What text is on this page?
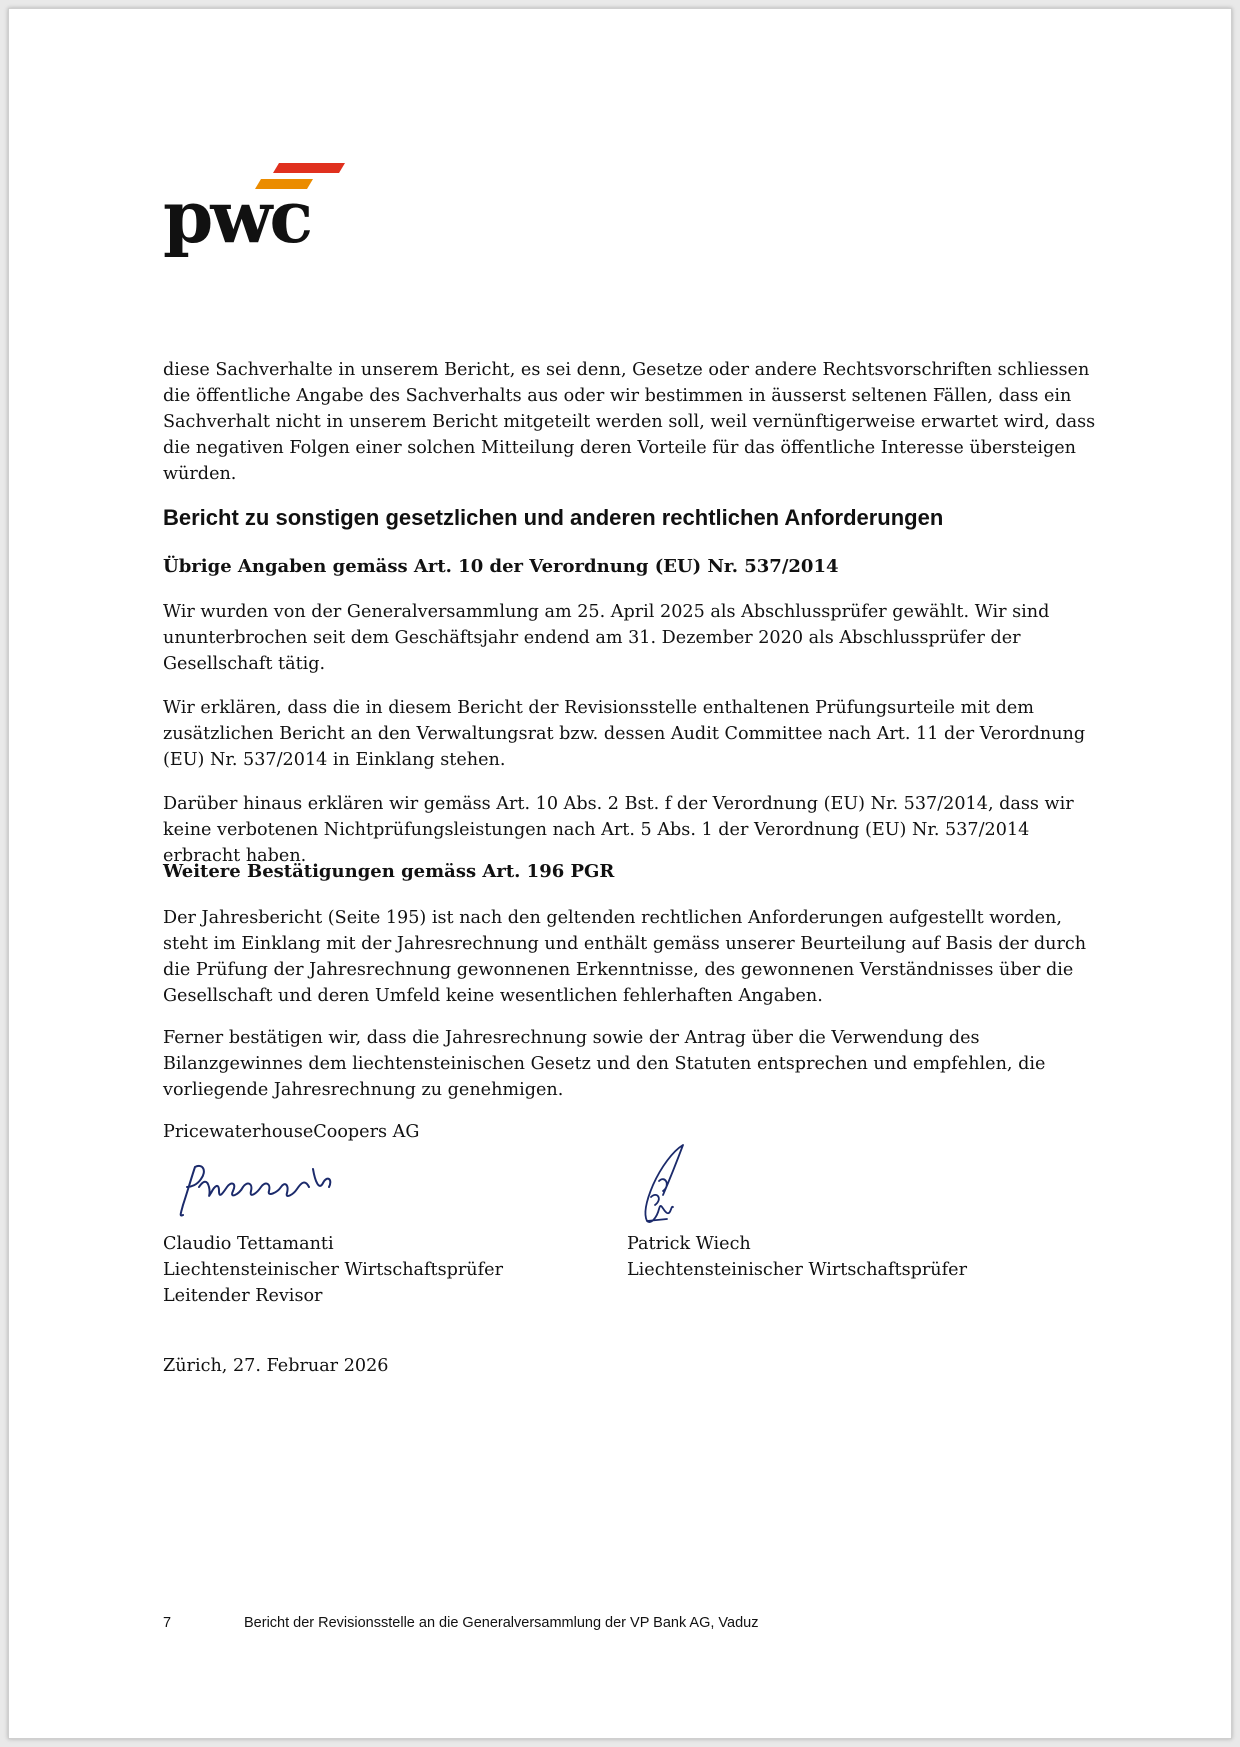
pwc

diese Sachverhalte in unserem Bericht, es sei denn, Gesetze oder andere Rechtsvorschriften schliessen die öffentliche Angabe des Sachverhalts aus oder wir bestimmen in äusserst seltenen Fällen, dass ein Sachverhalt nicht in unserem Bericht mitgeteilt werden soll, weil vernünftigerweise erwartet wird, dass die negativen Folgen einer solchen Mitteilung deren Vorteile für das öffentliche Interesse übersteigen würden.

Bericht zu sonstigen gesetzlichen und anderen rechtlichen Anforderungen
Übrige Angaben gemäss Art. 10 der Verordnung (EU) Nr. 537/2014

Wir wurden von der Generalversammlung am 25. April 2025 als Abschlussprüfer gewählt. Wir sind ununterbrochen seit dem Geschäftsjahr endend am 31. Dezember 2020 als Abschlussprüfer der Gesellschaft tätig.

Wir erklären, dass die in diesem Bericht der Revisionsstelle enthaltenen Prüfungsurteile mit dem zusätzlichen Bericht an den Verwaltungsrat bzw. dessen Audit Committee nach Art. 11 der Verordnung (EU) Nr. 537/2014 in Einklang stehen.

Darüber hinaus erklären wir gemäss Art. 10 Abs. 2 Bst. f der Verordnung (EU) Nr. 537/2014, dass wir keine verbotenen Nichtprüfungsleistungen nach Art. 5 Abs. 1 der Verordnung (EU) Nr. 537/2014 erbracht haben.

Weitere Bestätigungen gemäss Art. 196 PGR

Der Jahresbericht (Seite 195) ist nach den geltenden rechtlichen Anforderungen aufgestellt worden, steht im Einklang mit der Jahresrechnung und enthält gemäss unserer Beurteilung auf Basis der durch die Prüfung der Jahresrechnung gewonnenen Erkenntnisse, des gewonnenen Verständnisses über die Gesellschaft und deren Umfeld keine wesentlichen fehlerhaften Angaben.

Ferner bestätigen wir, dass die Jahresrechnung sowie der Antrag über die Verwendung des Bilanzgewinnes dem liechtensteinischen Gesetz und den Statuten entsprechen und empfehlen, die vorliegende Jahresrechnung zu genehmigen.

PricewaterhouseCoopers AG
Claudio Tettamanti
Liechtensteinischer Wirtschaftsprüfer
Leitender Revisor
Patrick Wiech
Liechtensteinischer Wirtschaftsprüfer
Zürich, 27. Februar 2026
7	Bericht der Revisionsstelle an die Generalversammlung der VP Bank AG, Vaduz
